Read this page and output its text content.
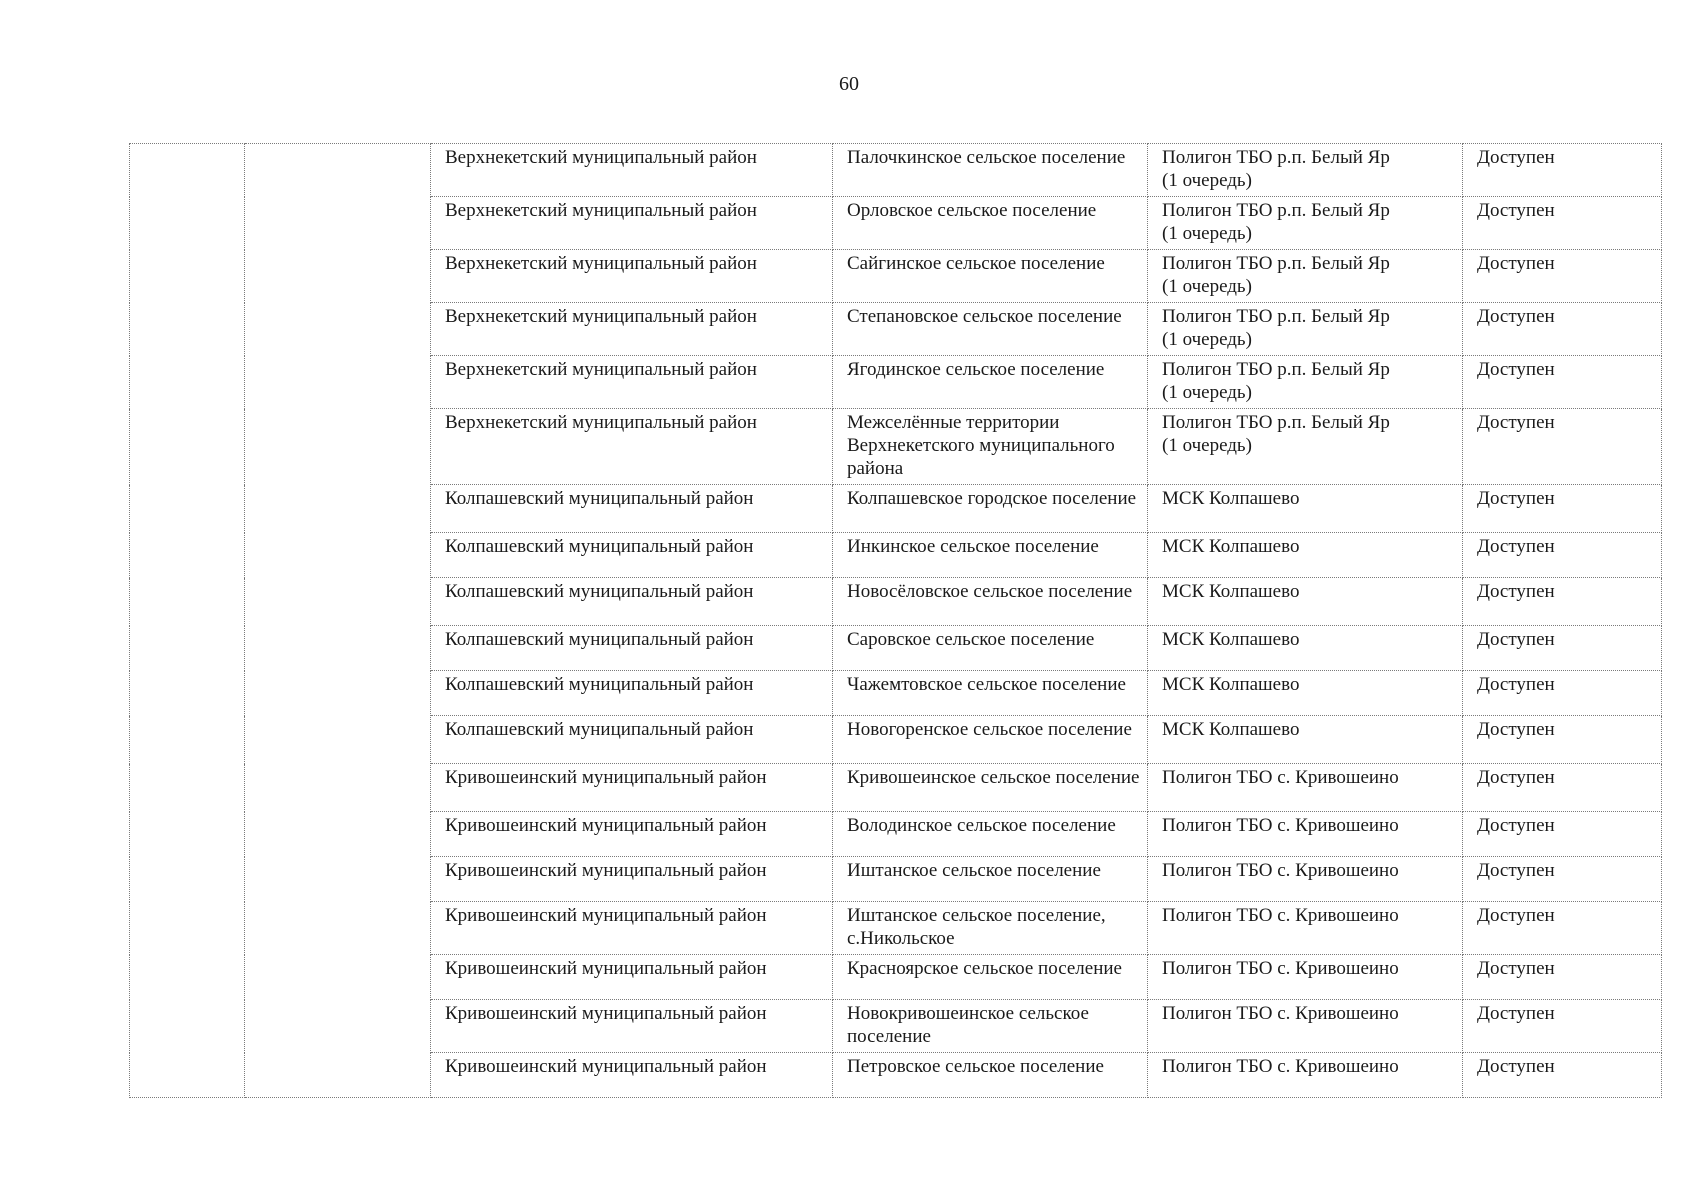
60
		Верхнекетский муниципальный район	Палочкинское сельское поселение	Полигон ТБО р.п. Белый Яр
(1 очередь)	Доступен
		Верхнекетский муниципальный район	Орловское сельское поселение	Полигон ТБО р.п. Белый Яр
(1 очередь)	Доступен
		Верхнекетский муниципальный район	Сайгинское сельское поселение	Полигон ТБО р.п. Белый Яр
(1 очередь)	Доступен
		Верхнекетский муниципальный район	Степановское сельское поселение	Полигон ТБО р.п. Белый Яр
(1 очередь)	Доступен
		Верхнекетский муниципальный район	Ягодинское сельское поселение	Полигон ТБО р.п. Белый Яр
(1 очередь)	Доступен
		Верхнекетский муниципальный район	Межселённые территории Верхнекетского муниципального района	Полигон ТБО р.п. Белый Яр
(1 очередь)	Доступен
		Колпашевский муниципальный район	Колпашевское городское поселение	МСК Колпашево	Доступен
		Колпашевский муниципальный район	Инкинское сельское поселение	МСК Колпашево	Доступен
		Колпашевский муниципальный район	Новосёловское сельское поселение	МСК Колпашево	Доступен
		Колпашевский муниципальный район	Саровское сельское поселение	МСК Колпашево	Доступен
		Колпашевский муниципальный район	Чажемтовское сельское поселение	МСК Колпашево	Доступен
		Колпашевский муниципальный район	Новогоренское сельское поселение	МСК Колпашево	Доступен
		Кривошеинский муниципальный район	Кривошеинское сельское поселение	Полигон ТБО с. Кривошеино	Доступен
		Кривошеинский муниципальный район	Володинское сельское поселение	Полигон ТБО с. Кривошеино	Доступен
		Кривошеинский муниципальный район	Иштанское сельское поселение	Полигон ТБО с. Кривошеино	Доступен
		Кривошеинский муниципальный район	Иштанское сельское поселение,
с.Никольское	Полигон ТБО с. Кривошеино	Доступен
		Кривошеинский муниципальный район	Красноярское сельское поселение	Полигон ТБО с. Кривошеино	Доступен
		Кривошеинский муниципальный район	Новокривошеинское сельское поселение	Полигон ТБО с. Кривошеино	Доступен
		Кривошеинский муниципальный район	Петровское сельское поселение	Полигон ТБО с. Кривошеино	Доступен
